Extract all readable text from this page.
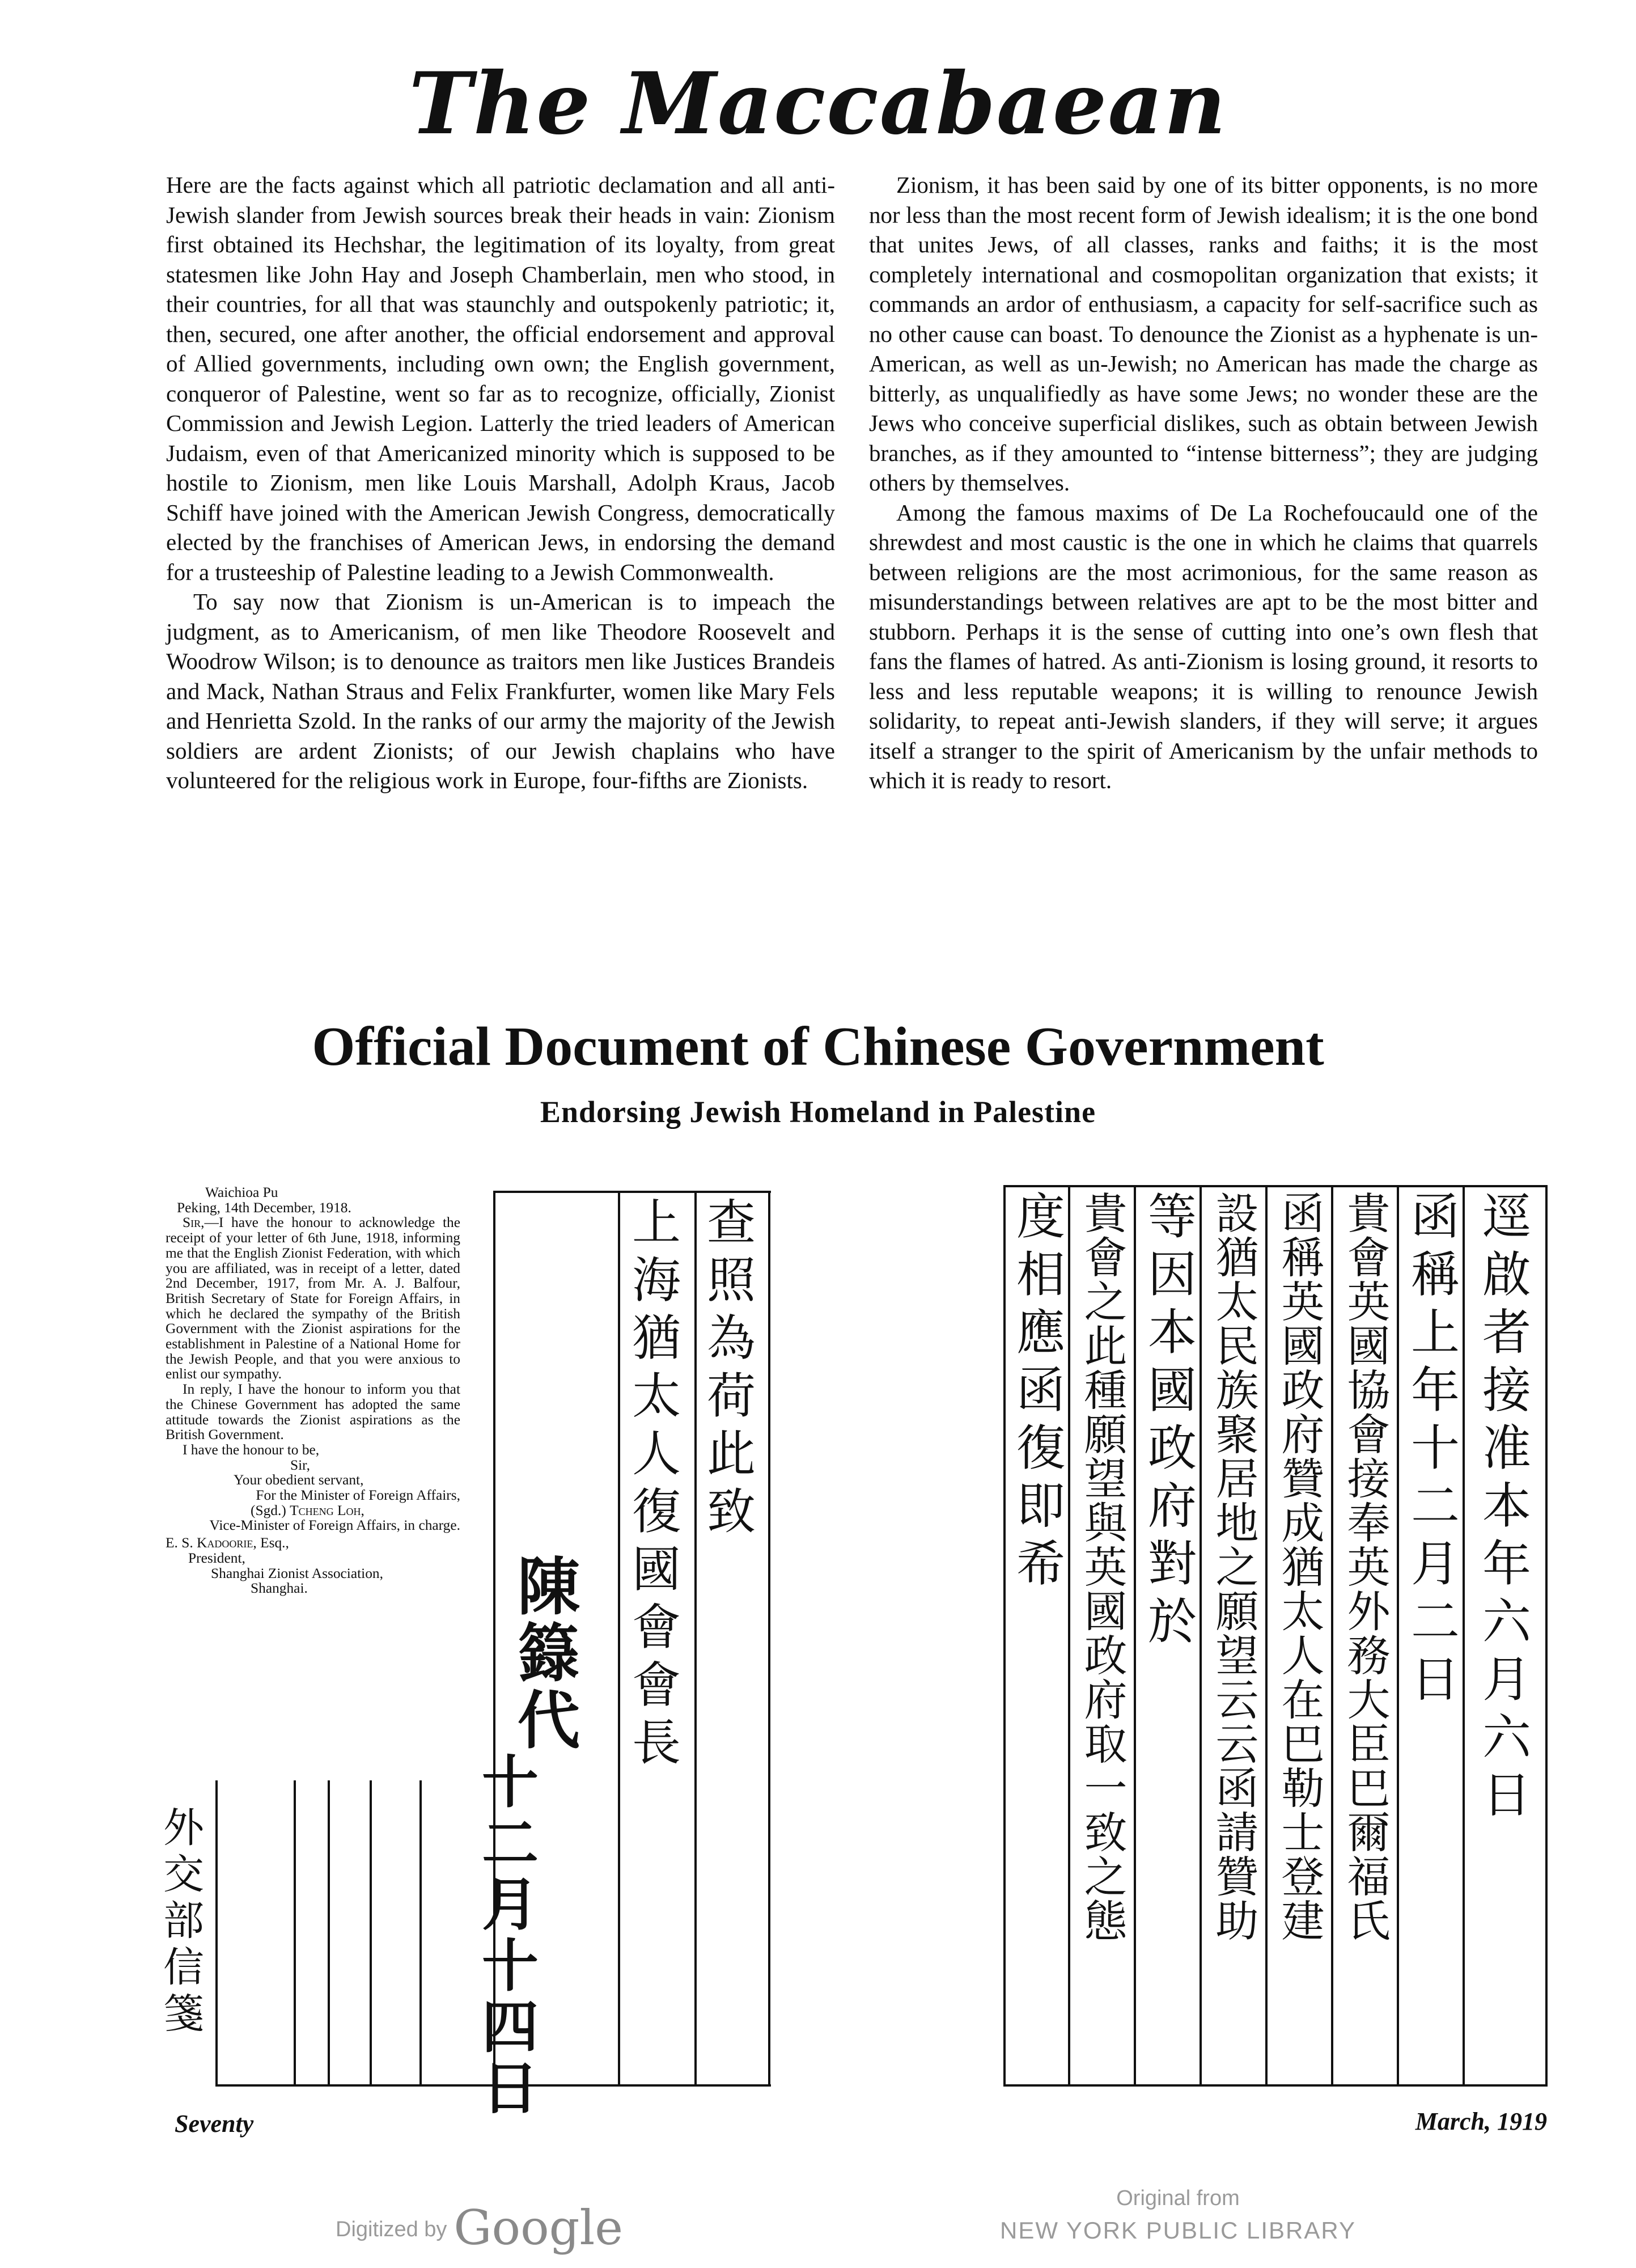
The Maccabaean

Here are the facts against which all patriotic declamation and all anti-Jewish slander from Jewish sources break their heads in vain: Zionism first obtained its Hechshar, the legitimation of its loyalty, from great statesmen like John Hay and Joseph Chamberlain, men who stood, in their countries, for all that was staunchly and outspokenly patriotic; it, then, secured, one after another, the official endorsement and approval of Allied governments, including own own; the English government, conqueror of Palestine, went so far as to recognize, officially, Zionist Commission and Jewish Legion. Latterly the tried leaders of American Judaism, even of that Americanized minority which is supposed to be hostile to Zionism, men like Louis Marshall, Adolph Kraus, Jacob Schiff have joined with the American Jewish Congress, democratically elected by the franchises of American Jews, in endorsing the demand for a trusteeship of Palestine leading to a Jewish Commonwealth.

To say now that Zionism is un-American is to impeach the judgment, as to Americanism, of men like Theodore Roosevelt and Woodrow Wilson; is to denounce as traitors men like Justices Brandeis and Mack, Nathan Straus and Felix Frankfurter, women like Mary Fels and Henrietta Szold. In the ranks of our army the majority of the Jewish soldiers are ardent Zionists; of our Jewish chaplains who have volunteered for the religious work in Europe, four-fifths are Zionists.

Zionism, it has been said by one of its bitter opponents, is no more nor less than the most recent form of Jewish idealism; it is the one bond that unites Jews, of all classes, ranks and faiths; it is the most completely international and cosmopolitan organization that exists; it commands an ardor of enthusiasm, a capacity for self-sacrifice such as no other cause can boast. To denounce the Zionist as a hyphenate is un-American, as well as un-Jewish; no American has made the charge as bitterly, as unqualifiedly as have some Jews; no wonder these are the Jews who conceive superficial dislikes, such as obtain between Jewish branches, as if they amounted to “intense bitterness”; they are judging others by themselves.

Among the famous maxims of De La Rochefoucauld one of the shrewdest and most caustic is the one in which he claims that quarrels between religions are the most acrimonious, for the same reason as misunderstandings between relatives are apt to be the most bitter and stubborn. Perhaps it is the sense of cutting into one’s own flesh that fans the flames of hatred. As anti-Zionism is losing ground, it resorts to less and less reputable weapons; it is willing to renounce Jewish solidarity, to repeat anti-Jewish slanders, if they will serve; it argues itself a stranger to the spirit of Americanism by the unfair methods to which it is ready to resort.

Official Document of Chinese Government
Endorsing Jewish Homeland in Palestine
Waichioa Pu
Peking, 14th December, 1918.
Sir,—I have the honour to acknowledge the receipt of your letter of 6th June, 1918, informing me that the English Zionist Federation, with which you are affiliated, was in receipt of a letter, dated 2nd December, 1917, from Mr. A. J. Balfour, British Secretary of State for Foreign Affairs, in which he declared the sympathy of the British Government with the Zionist aspirations for the establishment in Palestine of a National Home for the Jewish People, and that you were anxious to enlist our sympathy.
In reply, I have the honour to inform you that the Chinese Government has adopted the same attitude towards the Zionist aspirations as the British Government.
I have the honour to be,
Sir,
Your obedient servant,
For the Minister of Foreign Affairs,
(Sgd.) Tcheng Loh,
Vice-Minister of Foreign Affairs, in charge.
E. S. Kadoorie, Esq.,
President,
Shanghai Zionist Association,
Shanghai.
查照為荷此致
上海猶太人復國會會長
外交部信箋
陳籙代
十二月十四日
逕啟者接准本年六月六日
函稱上年十二月二日
貴會英國協會接奉英外務大臣巴爾福氏
函稱英國政府贊成猶太人在巴勒士登建
設猶太民族聚居地之願望云云函請贊助
等因本國政府對於
貴會之此種願望與英國政府取一致之態
度相應函復即希
Seventy	March, 1919
Digitized by Google
Original from
NEW YORK PUBLIC LIBRARY
